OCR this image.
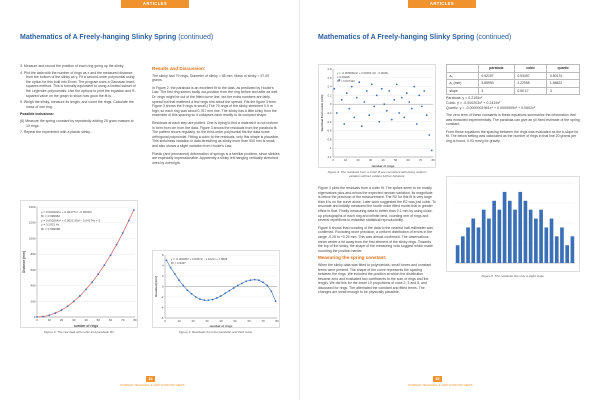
ARTICLES
Mathematics of A Freely-hanging Slinky Spring (continued)
3. Measure and record the position of each ring going up the slinky.
4. Plot the data with the number of rings as x and the measured distance from the bottom of the slinky as y. Fit a second-order polynomial using the option for this built into Excel. The program uses a Gaussian least-squares method. This is formally equivalent to using a limited subset of the Legendre polynomials. Use the options to print the equation and R-squared value on the graph to show how good the fit is.
5. Weigh the slinky, measure its length, and count the rings. Calculate the mass of one ring.
Possible inclusions:
(6) Measure the spring constant by repeatedly adding 25 gram masses to 10 rings.
7. Repeat the experiment with a plastic slinky.
0
200
400
600
800
1000
1200
1400
0	10	20	30	40	50	60	70	80
number of rings
Distance [mm]
y = 0.000402x³ + 0.0247?x² - 0.0000x²
R² = 0.999962
y = 0.000264x³ + 0.0021 90x² - 0.04174x + 5
y = 0.2021 4x
R² = 0.999998
Figure 2. The raw data with cubic and parabolic fits
Results and Discussion:

The slinky had 79 rings. Diameter of slinky = 68 mm. Mass of slinky = 97.09 grams.

In Figure 2, the parabola is an excellent fit to the data, as predicted by Hooke's Law. The first ring seems badly out-position from the ring before and after as well. Dr. rings might be out of the fitted curve line, but the extra numbers are fairly spread but that mattered a few rings hint about the spread. Fits the figure 3 from Figure 3 shows the 5 rings is small.) The 79 rings of the slinky stretched 0.9 m high, so each ring was about 0.767 mm rise. The slinky has a little kinky from the ensemble of this spacing so it collapses back readily to its compact shape.

Residuals at each step are plotted. One is trying to find a material it is not uniform in form from cm from the data. Figure 3 shows the residuals from the parabola fit. The pattern recurs regularly, so the third-order polynomial fits the data some orthogonal polynomial. Fitting a cubic to the residuals, only this shape is plausible. This sinfulness variation in data stretching as slinky more than 900 mm is small, and also shows a slight variation from Hooke's Law.

Plastic (and permanent) deformation of springs is a familiar problem, since slinkies are especially impressionable. Apparently a slinky left hanging vertically stretched ones by overnight.

-6
-4
-2
0
2
4
6
0	10	20	30	40	50	60	70	80
number of rings
Residual [mm]
y = -0.00028x³ + 0.0357x² - 1.1021x + 7.8828
R² = 0.9467
Figure 3. Residuals from the parabolic and third cubic.
SCIENCE TEACHING & APPLICATIONS NEWS
34
ARTICLES
Mathematics of A Freely-hanging Slinky Spring (continued)
-1.2
-1
-0.8
-0.6
-0.4
-0.2
0
0.2
0.4
0.6
0.8
0	10	20	30	40	50	60	70	80
number of rings
Residual from cubic (mm)
y = -0.0000002x³ + 0.00000 4x² - 0.0039x
+ 0.03345
R² = 0.007422
Figure 4. The residuals from a cubic fit are consistent with being random variation without evident further behavior.
	parabola	cubic	quartic
a₀	0.02197	0.93457	0.50174
a₁ (mm)	3.85990	2.22955	1.56822
slope	3	0.50 17	3
Parabola: y = 0.2195x²
Cubic: y = -0.000203x³ + 0.2419x²
Quartic: y = -0.0000001961x⁴ + 0.0000509x³ + 0.0602x²

The zero term of these constants in these equations summarize the information that was extracted experimentally. The parabola can give an y0 fixed estimate of the spring constant.

From these equations the spacing between the rings was evaluated as the k-slope for fit. The below setting was calculated as the number of rings in that line 20 grams per ring is found, 0.93 mm/g for gravity.

Figure 4 plots the residuals from a cubic fit. The spikes seem to be mostly eigenvalues plus-and-minus the expected random variation. Its magnitude is below the precision of the measurement. The R2 for this fit is very large than it is on the curve alone. Later work suggested the R2 was just cubic. To resonate and initially measured the fourth order fitted model that is greater effect in that. Finally measuring data to better than 0.1 mm by using close-up photographs of each ring and infinite best, counting mm of rings and several repetitions to establish statistical reproducibility.

Figure 5 shows that rounding of the data to the nearest half-millimeter was confirmed. Rounding more precision, a uniform distribution of errors in the range -0.25 to +0.25 mm. This was almost confirmed. The observations mean center a bit away from the first element of the slinky rings. Towards the top of the slinky, the shape of the measuring rods suggest which made rounding the position harder.

Measuring the spring constant:

When the slinky data was fitted to polynomials, small forces and constant terms were present. The shape of the curve represents the spacing between the rings. We included the position at which the distribution became zero and evaluated two coefficients to the sum of rings and the length. We did this for the lower 10 proportions of rows 2, 3 and 5, and discussed for rings. The alternated the constant and fitted terms. The changes are small enough to be physically plausible.

Figure 5. The residuals like only a slight skew.
SCIENCE TEACHING & APPLICATIONS NEWS
35
